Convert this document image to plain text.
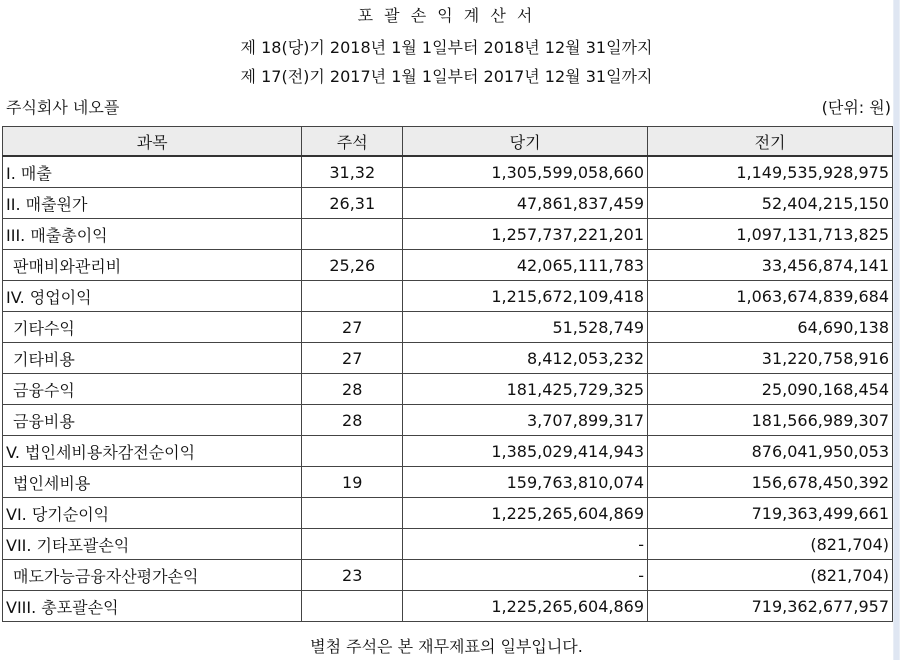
포 괄 손 익 계 산 서
제 18(당)기 2018년 1월 1일부터 2018년 12월 31일까지
제 17(전)기 2017년 1월 1일부터 2017년 12월 31일까지
주식회사 네오플	(단위: 원)
과목	주석	당기	전기
I. 매출	31,32	1,305,599,058,660	1,149,535,928,975
II. 매출원가	26,31	47,861,837,459	52,404,215,150
III. 매출총이익		1,257,737,221,201	1,097,131,713,825
판매비와관리비	25,26	42,065,111,783	33,456,874,141
IV. 영업이익		1,215,672,109,418	1,063,674,839,684
기타수익	27	51,528,749	64,690,138
기타비용	27	8,412,053,232	31,220,758,916
금융수익	28	181,425,729,325	25,090,168,454
금융비용	28	3,707,899,317	181,566,989,307
V. 법인세비용차감전순이익		1,385,029,414,943	876,041,950,053
법인세비용	19	159,763,810,074	156,678,450,392
VI. 당기순이익		1,225,265,604,869	719,363,499,661
VII. 기타포괄손익		-	(821,704)
매도가능금융자산평가손익	23	-	(821,704)
VIII. 총포괄손익		1,225,265,604,869	719,362,677,957
별첨 주석은 본 재무제표의 일부입니다.
